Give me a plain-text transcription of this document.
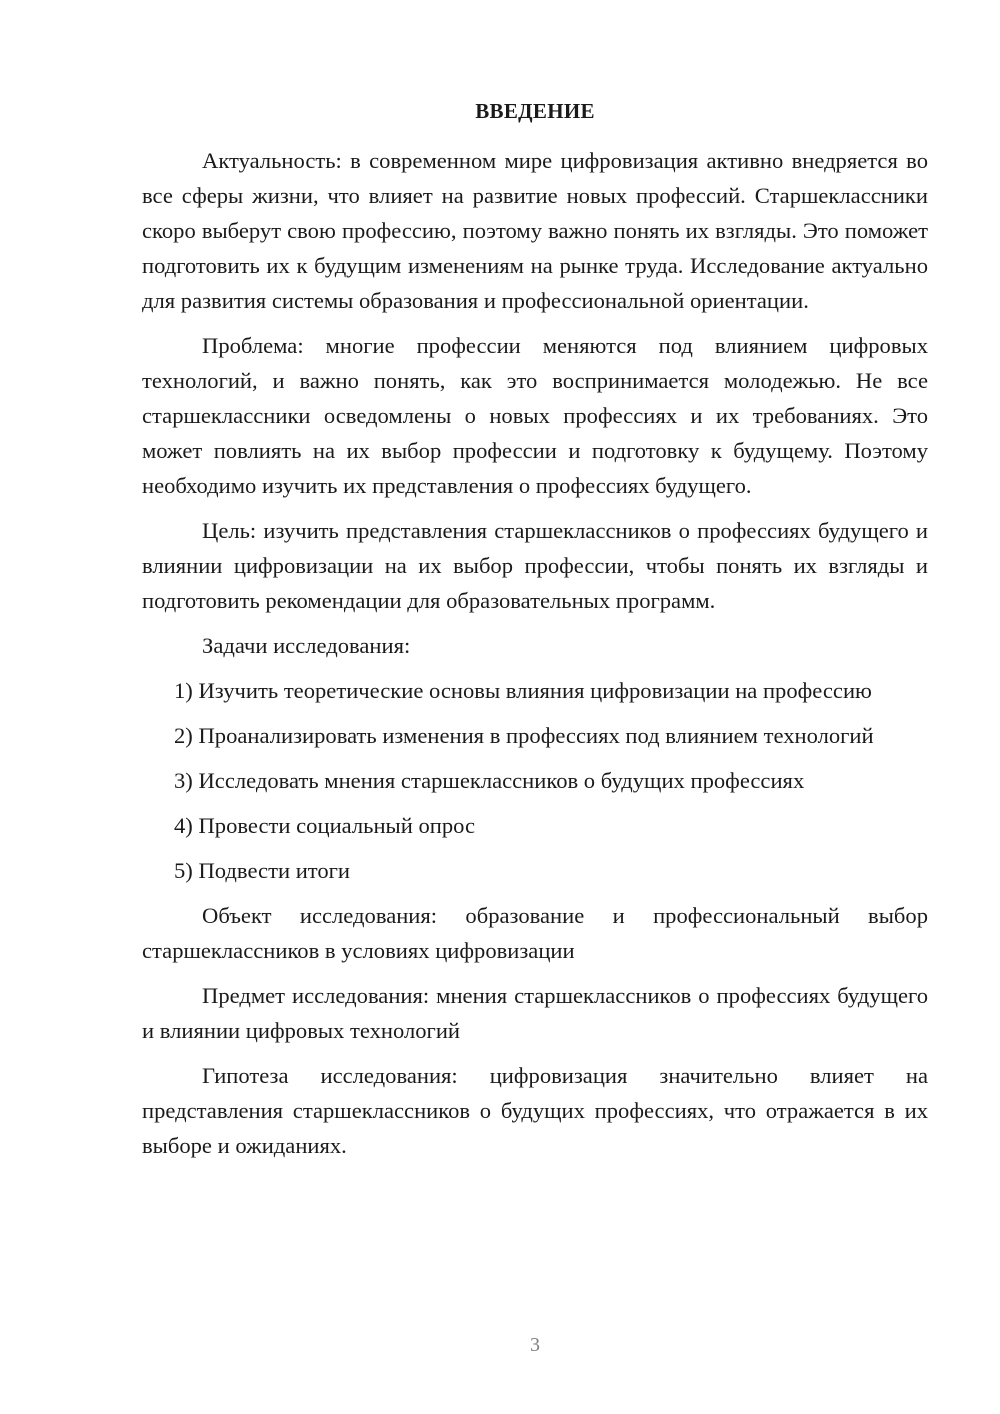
ВВЕДЕНИЕ

Актуальность: в современном мире цифровизация активно внедряется во все сферы жизни, что влияет на развитие новых профессий. Старшеклассники скоро выберут свою профессию, поэтому важно понять их взгляды. Это поможет подготовить их к будущим изменениям на рынке труда. Исследование актуально для развития системы образования и профессиональной ориентации.

Проблема: многие профессии меняются под влиянием цифровых технологий, и важно понять, как это воспринимается молодежью. Не все старшеклассники осведомлены о новых профессиях и их требованиях. Это может повлиять на их выбор профессии и подготовку к будущему. Поэтому необходимо изучить их представления о профессиях будущего.

Цель: изучить представления старшеклассников о профессиях будущего и влиянии цифровизации на их выбор профессии, чтобы понять их взгляды и подготовить рекомендации для образовательных программ.

Задачи исследования:

1) Изучить теоретические основы влияния цифровизации на профессию

2) Проанализировать изменения в профессиях под влиянием технологий

3) Исследовать мнения старшеклассников о будущих профессиях

4) Провести социальный опрос

5) Подвести итоги

Объект исследования: образование и профессиональный выбор старшеклассников в условиях цифровизации

Предмет исследования: мнения старшеклассников о профессиях будущего и влиянии цифровых технологий

Гипотеза исследования: цифровизация значительно влияет на представления старшеклассников о будущих профессиях, что отражается в их выборе и ожиданиях.

3
